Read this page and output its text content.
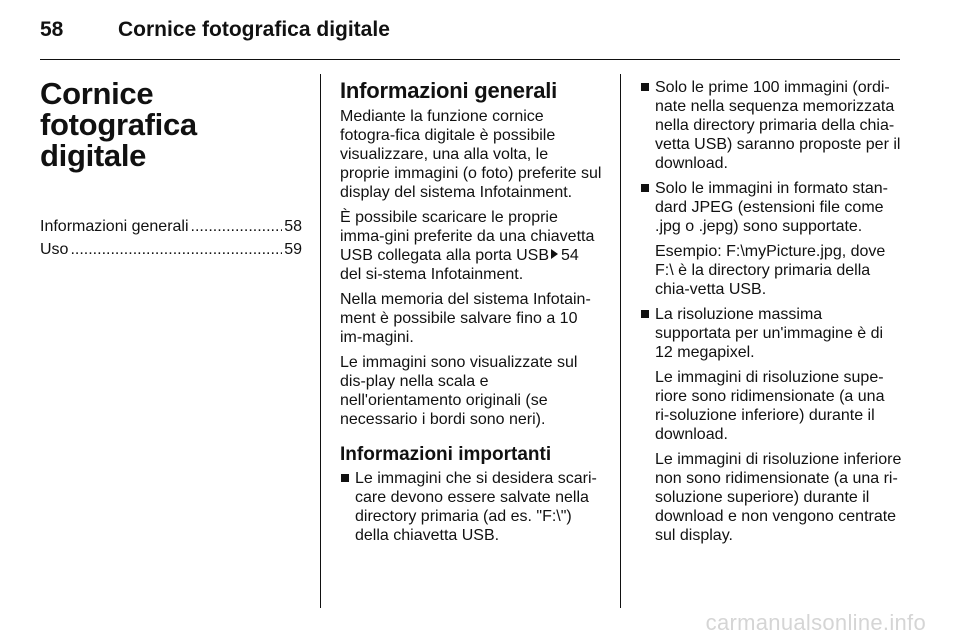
58	Cornice fotografica digitale
Cornice fotografica
digitale
Informazioni generali .....	58
Uso .....	59
Informazioni generali
Mediante la funzione cornice fotogra-fica digitale è possibile visualizzare, una alla volta, le proprie immagini (o foto) preferite sul display del sistema Infotainment.
È possibile scaricare le proprie imma-gini preferite da una chiavetta USB collegata alla porta USB 54 del si-stema Infotainment.
Nella memoria del sistema Infotain-ment è possibile salvare fino a 10 im-magini.
Le immagini sono visualizzate sul dis-play nella scala e nell'orientamento originali (se necessario i bordi sono neri).
Informazioni importanti
Le immagini che si desidera scari-care devono essere salvate nella directory primaria (ad es. "F:\") della chiavetta USB.
Solo le prime 100 immagini (ordi-nate nella sequenza memorizzata nella directory primaria della chia-vetta USB) saranno proposte per il download.
Solo le immagini in formato stan-dard JPEG (estensioni file come .jpg o .jepg) sono supportate.
Esempio: F:\myPicture.jpg, dove F:\ è la directory primaria della chia-vetta USB.
La risoluzione massima supportata per un'immagine è di 12 megapixel.
Le immagini di risoluzione supe-riore sono ridimensionate (a una ri-soluzione inferiore) durante il download.
Le immagini di risoluzione inferiore non sono ridimensionate (a una ri-soluzione superiore) durante il download e non vengono centrate sul display.
carmanualsonline.info
